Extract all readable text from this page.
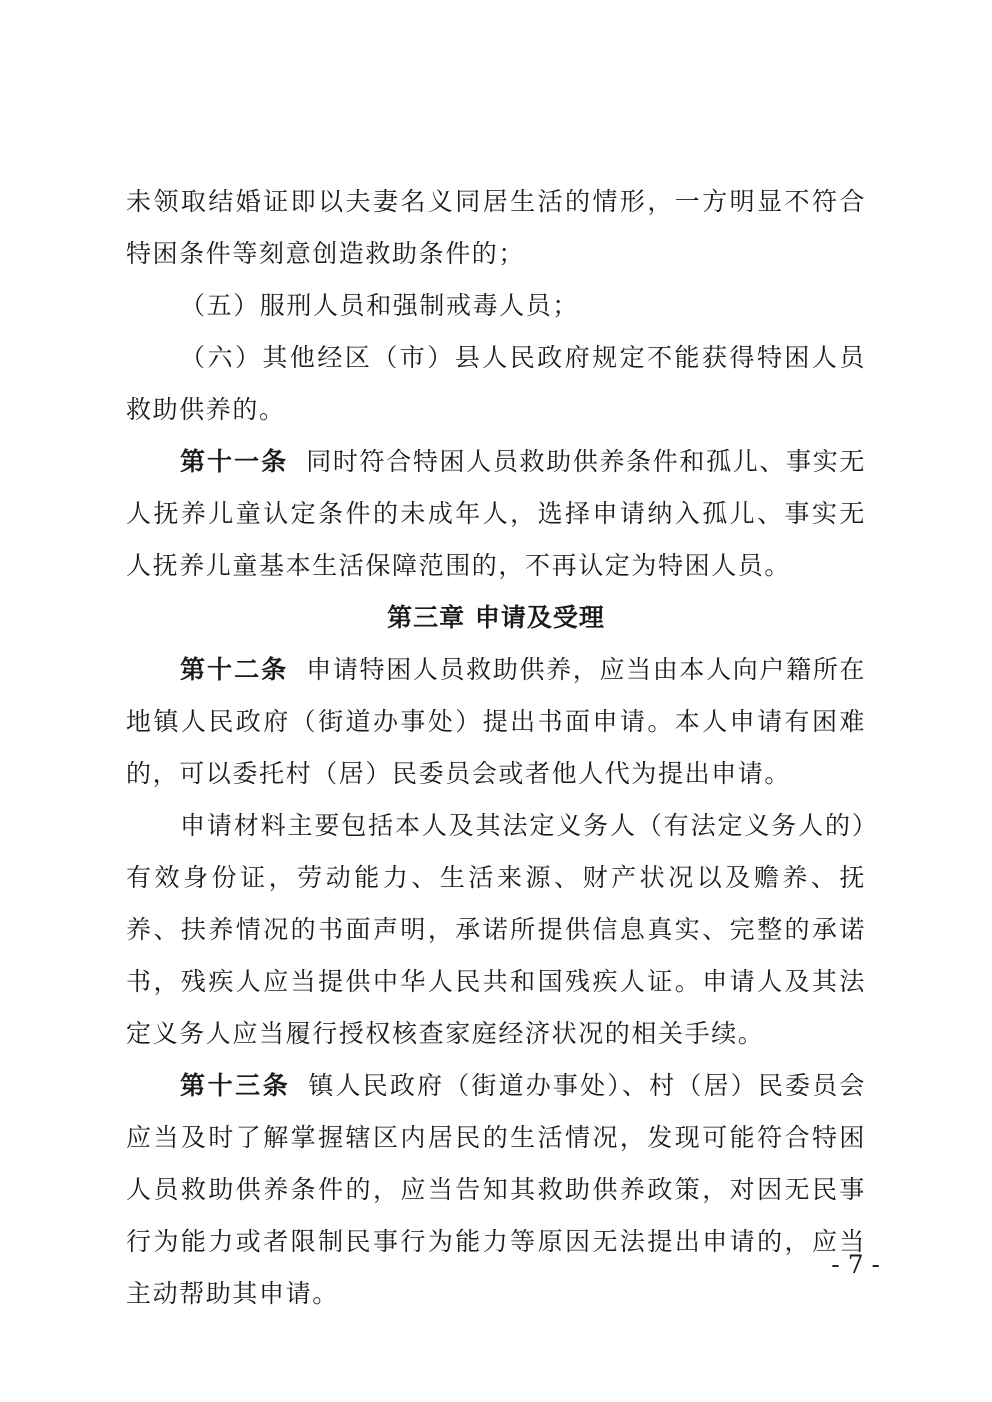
未领取结婚证即以夫妻名义同居生活的情形，一方明显不符合特困条件等刻意创造救助条件的；

（五）服刑人员和强制戒毒人员；

（六）其他经区（市）县人民政府规定不能获得特困人员救助供养的。

第十一条 同时符合特困人员救助供养条件和孤儿、事实无人抚养儿童认定条件的未成年人，选择申请纳入孤儿、事实无人抚养儿童基本生活保障范围的，不再认定为特困人员。

第三章 申请及受理

第十二条 申请特困人员救助供养，应当由本人向户籍所在地镇人民政府（街道办事处）提出书面申请。本人申请有困难的，可以委托村（居）民委员会或者他人代为提出申请。

申请材料主要包括本人及其法定义务人（有法定义务人的）有效身份证，劳动能力、生活来源、财产状况以及赡养、抚养、扶养情况的书面声明，承诺所提供信息真实、完整的承诺书，残疾人应当提供中华人民共和国残疾人证。申请人及其法定义务人应当履行授权核查家庭经济状况的相关手续。

第十三条 镇人民政府（街道办事处）、村（居）民委员会应当及时了解掌握辖区内居民的生活情况，发现可能符合特困人员救助供养条件的，应当告知其救助供养政策，对因无民事行为能力或者限制民事行为能力等原因无法提出申请的，应当主动帮助其申请。

- 7 -
